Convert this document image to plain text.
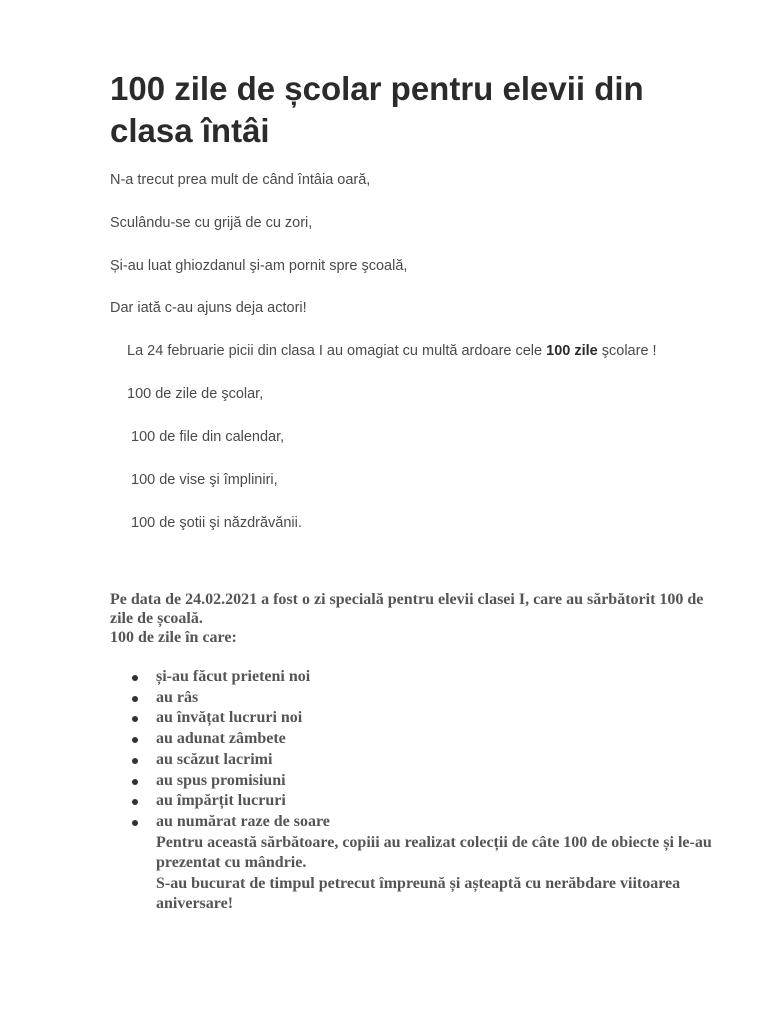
100 zile de școlar pentru elevii din clasa întâi

N-a trecut prea mult de când întâia oară,

Sculându-se cu grijă de cu zori,

Și-au luat ghiozdanul şi-am pornit spre şcoală,

Dar iată c-au ajuns deja actori!

La 24 februarie picii din clasa I au omagiat cu multă ardoare cele 100 zile şcolare !

100 de zile de şcolar,

100 de file din calendar,

100 de vise şi împliniri,

100 de şotii şi năzdrăvănii.

Pe data de 24.02.2021 a fost o zi specială pentru elevii clasei I, care au sărbătorit 100 de zile de școală.

100 de zile în care:

și-au făcut prieteni noi
au râs
au învățat lucruri noi
au adunat zâmbete
au scăzut lacrimi
au spus promisiuni
au împărțit lucruri
au numărat raze de soare

Pentru această sărbătoare, copiii au realizat colecții de câte 100 de obiecte și le-au prezentat cu mândrie.

S-au bucurat de timpul petrecut împreună și așteaptă cu nerăbdare viitoarea aniversare!
